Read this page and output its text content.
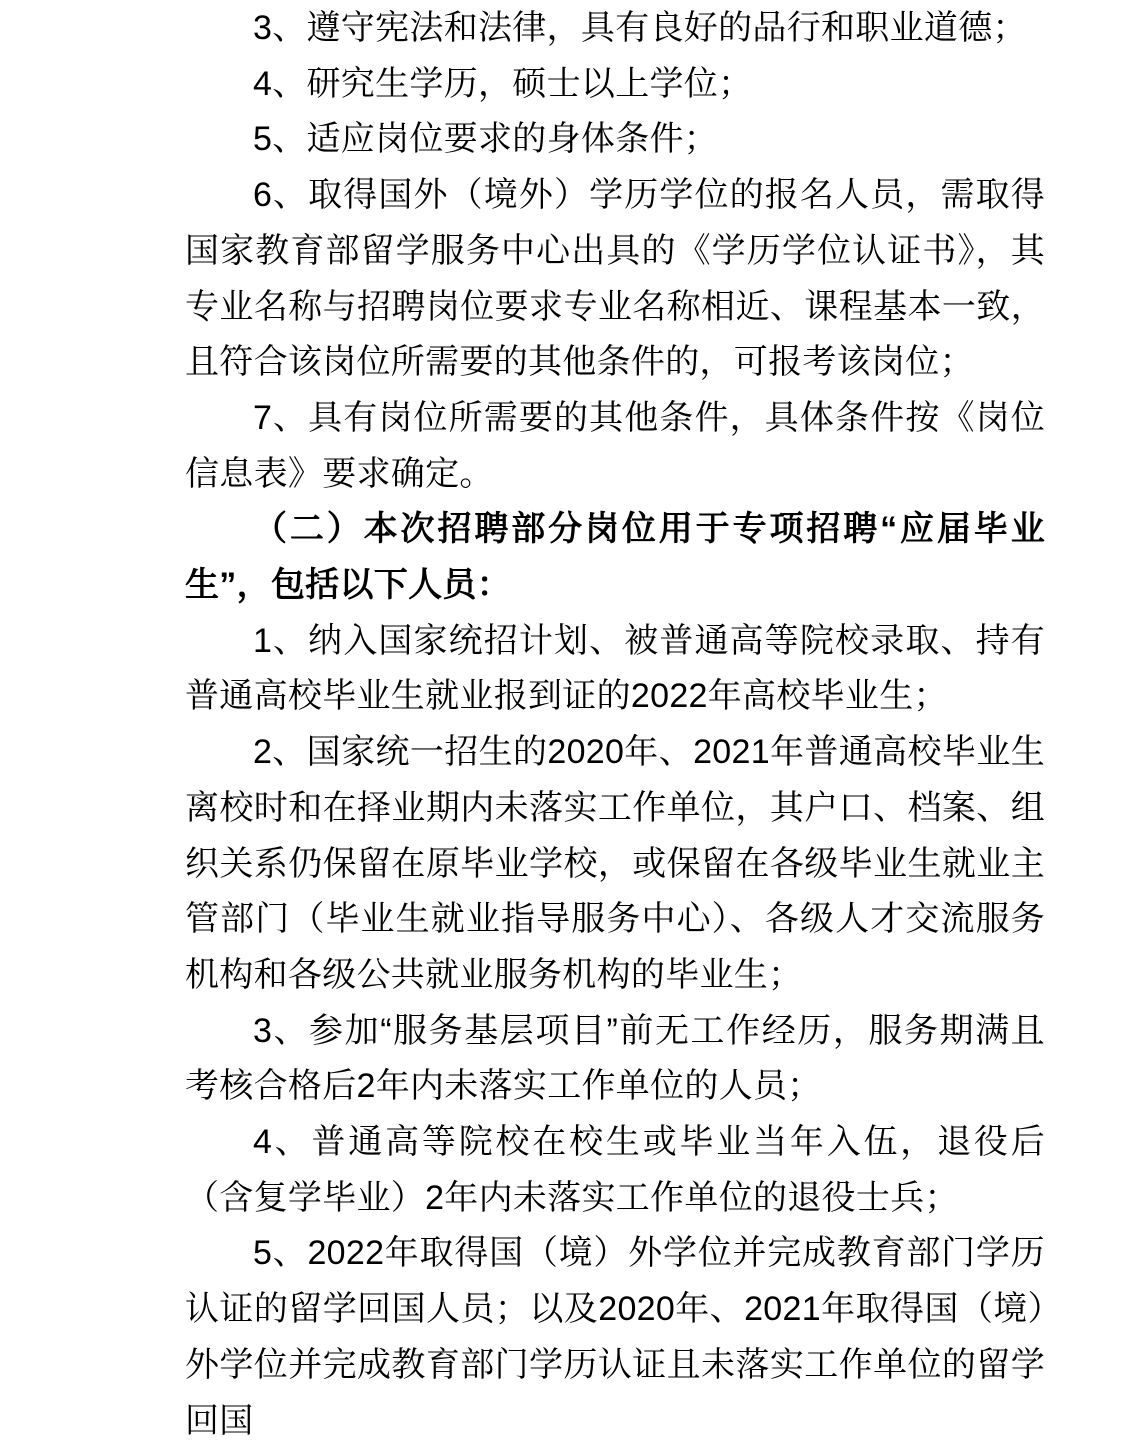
3、遵守宪法和法律，具有良好的品行和职业道德；

4、研究生学历，硕士以上学位；

5、适应岗位要求的身体条件；

6、取得国外（境外）学历学位的报名人员，需取得国家教育部留学服务中心出具的《学历学位认证书》，其专业名称与招聘岗位要求专业名称相近、课程基本一致，且符合该岗位所需要的其他条件的，可报考该岗位；

7、具有岗位所需要的其他条件，具体条件按《岗位信息表》要求确定。

（二）本次招聘部分岗位用于专项招聘“应届毕业生”，包括以下人员：

1、纳入国家统招计划、被普通高等院校录取、持有普通高校毕业生就业报到证的2022年高校毕业生；

2、国家统一招生的2020年、2021年普通高校毕业生离校时和在择业期内未落实工作单位，其户口、档案、组织关系仍保留在原毕业学校，或保留在各级毕业生就业主管部门（毕业生就业指导服务中心）、各级人才交流服务机构和各级公共就业服务机构的毕业生；

3、参加“服务基层项目”前无工作经历，服务期满且考核合格后2年内未落实工作单位的人员；

4、普通高等院校在校生或毕业当年入伍，退役后（含复学毕业）2年内未落实工作单位的退役士兵；

5、2022年取得国（境）外学位并完成教育部门学历认证的留学回国人员；以及2020年、2021年取得国（境）外学位并完成教育部门学历认证且未落实工作单位的留学回国
